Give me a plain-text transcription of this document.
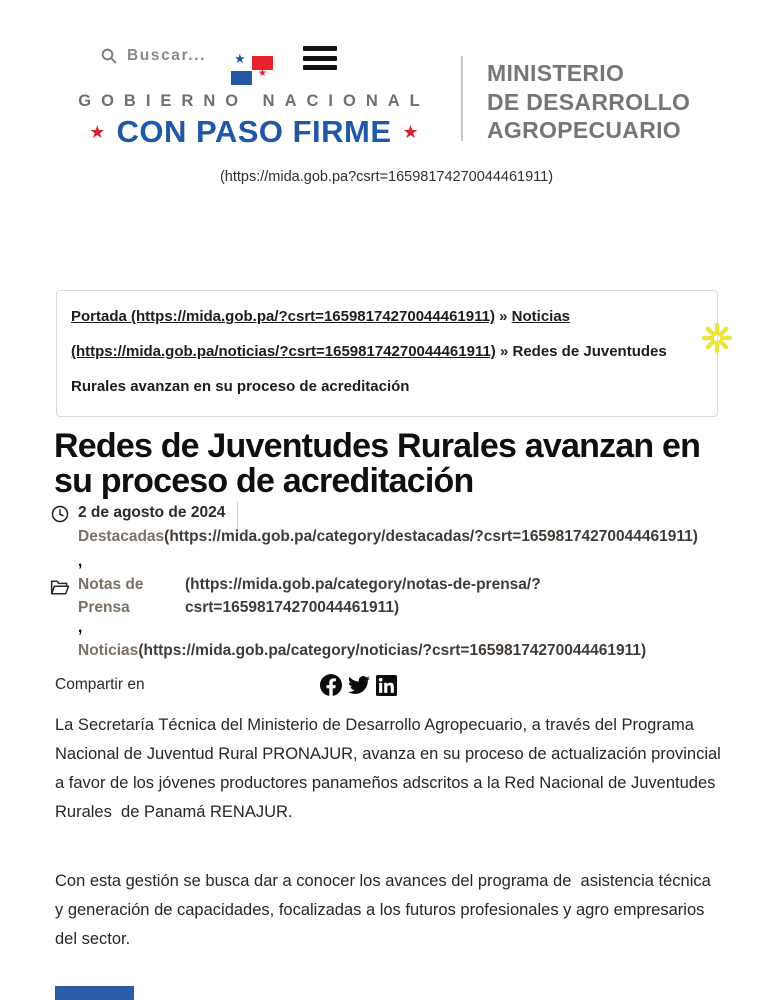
Buscar... ★
★
GOBIERNO NACIONAL
★ CON PASO FIRME ★
MINISTERIO
DE DESARROLLO
AGROPECUARIO
(https://mida.gob.pa?csrt=16598174270044461911)
Portada (https://mida.gob.pa/?csrt=16598174270044461911) » Noticias (https://mida.gob.pa/noticias/?csrt=16598174270044461911) » Redes de Juventudes Rurales avanzan en su proceso de acreditación
Redes de Juventudes Rurales avanzan en su proceso de acreditación
2 de agosto de 2024
Destacadas(https://mida.gob.pa/category/destacadas/?csrt=16598174270044461911)
,
Notas de Prensa
(https://mida.gob.pa/category/notas-de-prensa/?
csrt=16598174270044461911)
,
Noticias(https://mida.gob.pa/category/noticias/?csrt=16598174270044461911)
Compartir en

La Secretaría Técnica del Ministerio de Desarrollo Agropecuario, a través del Programa Nacional de Juventud Rural PRONAJUR, avanza en su proceso de actualización provincial a favor de los jóvenes productores panameños adscritos a la Red Nacional de Juventudes Rurales  de Panamá RENAJUR.

Con esta gestión se busca dar a conocer los avances del programa de  asistencia técnica y generación de capacidades, focalizadas a los futuros profesionales y agro empresarios del sector.
